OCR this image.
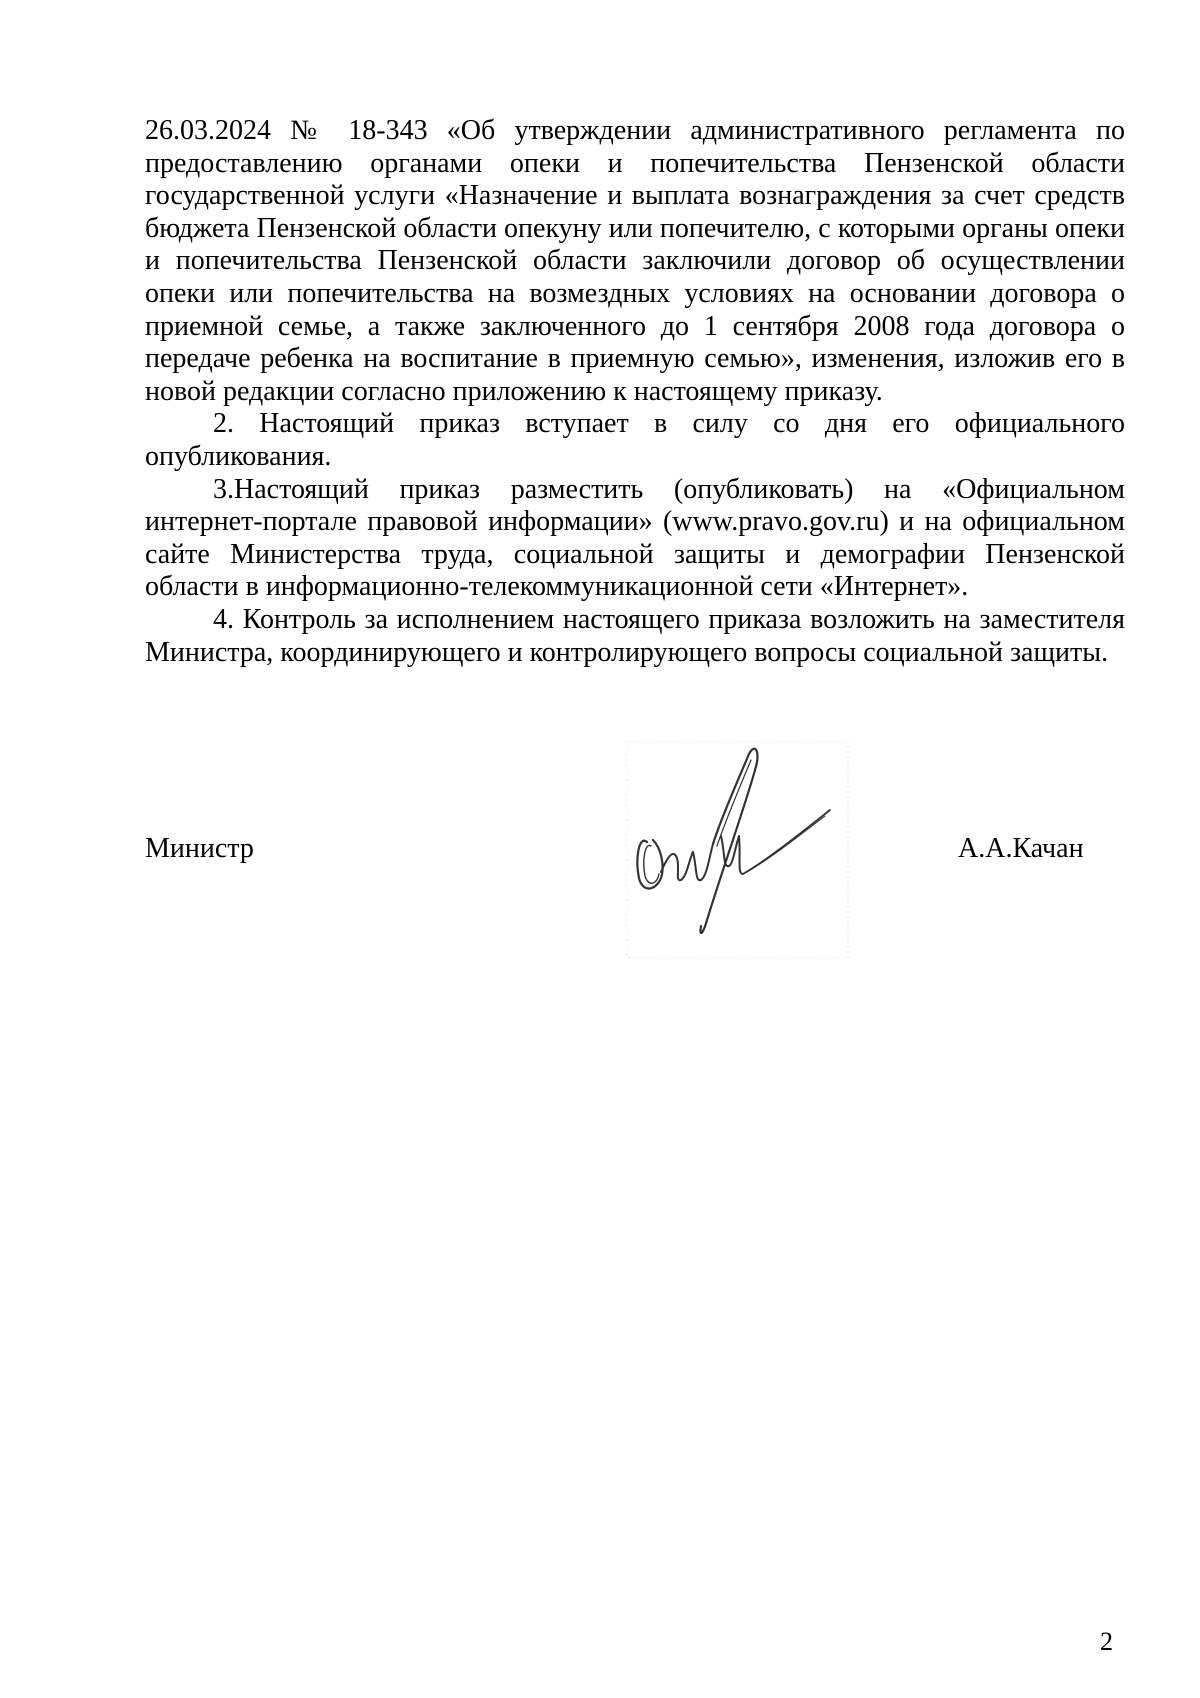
26.03.2024 № 18-343 «Об утверждении административного регламента по предоставлению органами опеки и попечительства Пензенской области государственной услуги «Назначение и выплата вознаграждения за счет средств бюджета Пензенской области опекуну или попечителю, с которыми органы опеки и попечительства Пензенской области заключили договор об осуществлении опеки или попечительства на возмездных условиях на основании договора о приемной семье, а также заключенного до 1 сентября 2008 года договора о передаче ребенка на воспитание в приемную семью», изменения, изложив его в новой редакции согласно приложению к настоящему приказу.

2. Настоящий приказ вступает в силу со дня его официального опубликования.

3.Настоящий приказ разместить (опубликовать) на «Официальном интернет-портале правовой информации» (www.pravo.gov.ru) и на официальном сайте Министерства труда, социальной защиты и демографии Пензенской области в информационно-телекоммуникационной сети «Интернет».

4. Контроль за исполнением настоящего приказа возложить на заместителя Министра, координирующего и контролирующего вопросы социальной защиты.

Министр	А.А.Качан

2
